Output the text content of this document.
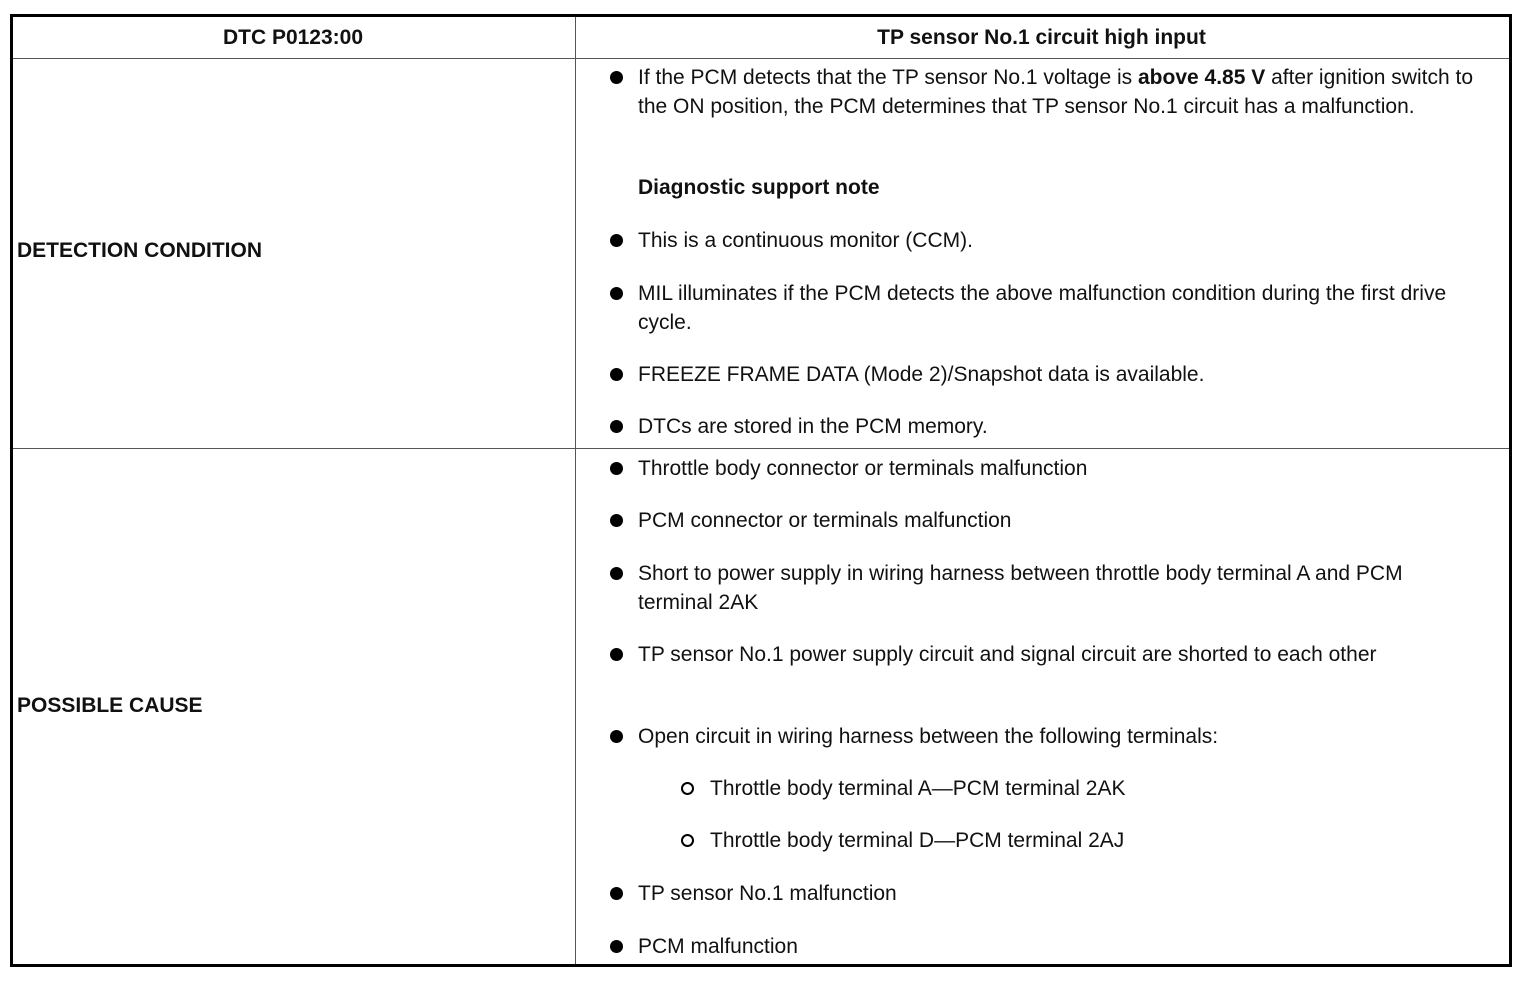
DTC P0123:00	TP sensor No.1 circuit high input
DETECTION CONDITION
If the PCM detects that the TP sensor No.1 voltage is above 4.85 V after ignition switch to the ON position, the PCM determines that TP sensor No.1 circuit has a malfunction.
Diagnostic support note
This is a continuous monitor (CCM).
MIL illuminates if the PCM detects the above malfunction condition during the first drive cycle.
FREEZE FRAME DATA (Mode 2)/Snapshot data is available.
DTCs are stored in the PCM memory.
POSSIBLE CAUSE
Throttle body connector or terminals malfunction
PCM connector or terminals malfunction
Short to power supply in wiring harness between throttle body terminal A and PCM terminal 2AK
TP sensor No.1 power supply circuit and signal circuit are shorted to each other
Open circuit in wiring harness between the following terminals:
Throttle body terminal A—PCM terminal 2AK
Throttle body terminal D—PCM terminal 2AJ
TP sensor No.1 malfunction
PCM malfunction
